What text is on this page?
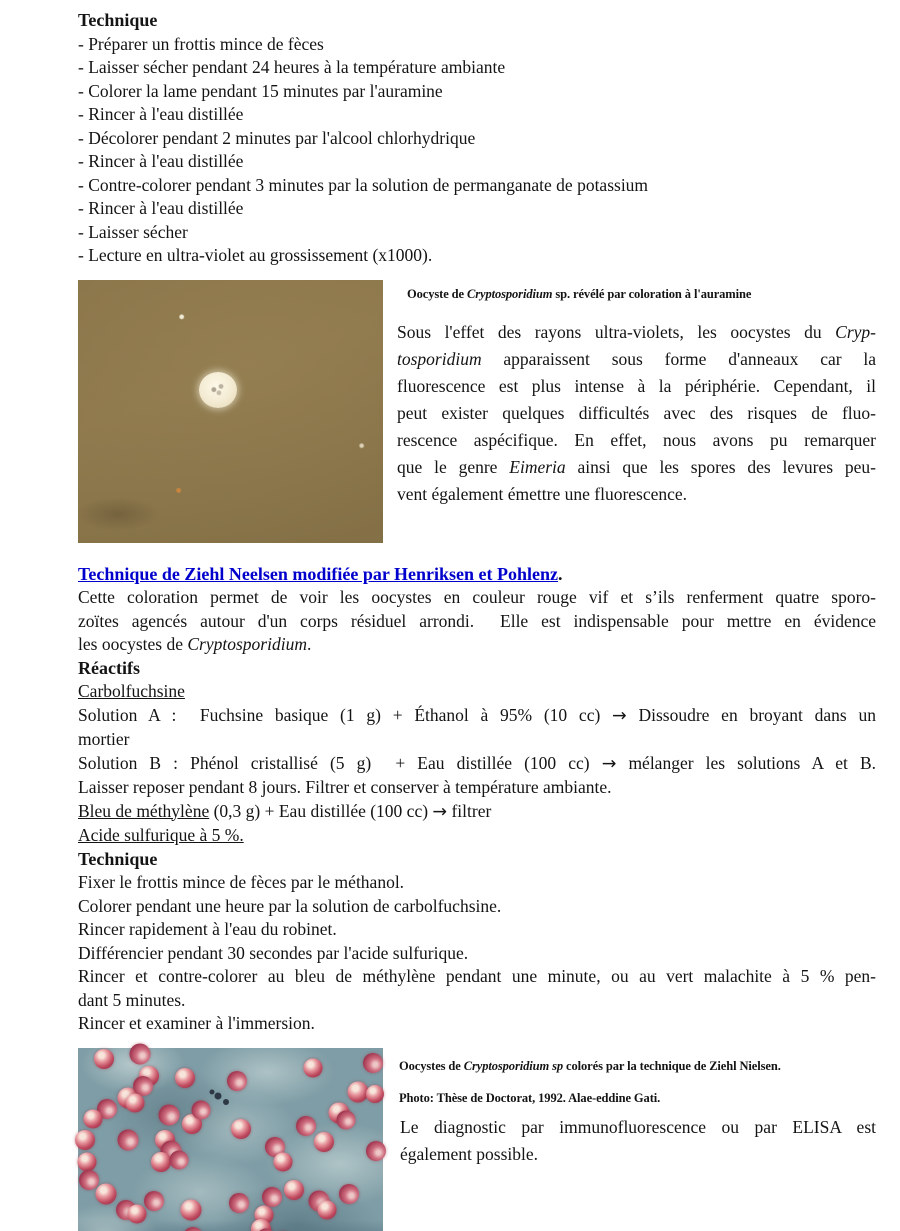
Technique
- Préparer un frottis mince de fèces
- Laisser sécher pendant 24 heures à la température ambiante
- Colorer la lame pendant 15 minutes par l'auramine
- Rincer à l'eau distillée
- Décolorer pendant 2 minutes par l'alcool chlorhydrique
- Rincer à l'eau distillée
- Contre-colorer pendant 3 minutes par la solution de permanganate de potassium
- Rincer à l'eau distillée
- Laisser sécher
- Lecture en ultra-violet au grossissement (x1000).
Oocyste de Cryptosporidium sp. révélé par coloration à l'auramine
Sous l'effet des rayons ultra-violets, les oocystes du Cryp-
tosporidium apparaissent sous forme d'anneaux car la
fluorescence est plus intense à la périphérie. Cependant, il
peut exister quelques difficultés avec des risques de fluo-
rescence aspécifique. En effet, nous avons pu remarquer
que le genre Eimeria ainsi que les spores des levures peu-
vent également émettre une fluorescence.
Technique de Ziehl Neelsen modifiée par Henriksen et Pohlenz.
Cette coloration permet de voir les oocystes en couleur rouge vif et s’ils renferment quatre sporo-
zoïtes agencés autour d'un corps résiduel arrondi.  Elle est indispensable pour mettre en évidence
les oocystes de Cryptosporidium.
Réactifs
Carbolfuchsine
Solution A :  Fuchsine basique (1 g) + Éthanol à 95% (10 cc) → Dissoudre en broyant dans un
mortier
Solution B : Phénol cristallisé (5 g)  + Eau distillée (100 cc) → mélanger les solutions A et B.
Laisser reposer pendant 8 jours. Filtrer et conserver à température ambiante.
Bleu de méthylène (0,3 g) + Eau distillée (100 cc) → filtrer
Acide sulfurique à 5 %.
Technique
Fixer le frottis mince de fèces par le méthanol.
Colorer pendant une heure par la solution de carbolfuchsine.
Rincer rapidement à l'eau du robinet.
Différencier pendant 30 secondes par l'acide sulfurique.
Rincer et contre-colorer au bleu de méthylène pendant une minute, ou au vert malachite à 5 % pen-
dant 5 minutes.
Rincer et examiner à l'immersion.
Oocystes de Cryptosporidium sp colorés par la technique de Ziehl Nielsen.
Photo: Thèse de Doctorat, 1992. Alae-eddine Gati.
Le diagnostic par immunofluorescence ou par ELISA est
également possible.
